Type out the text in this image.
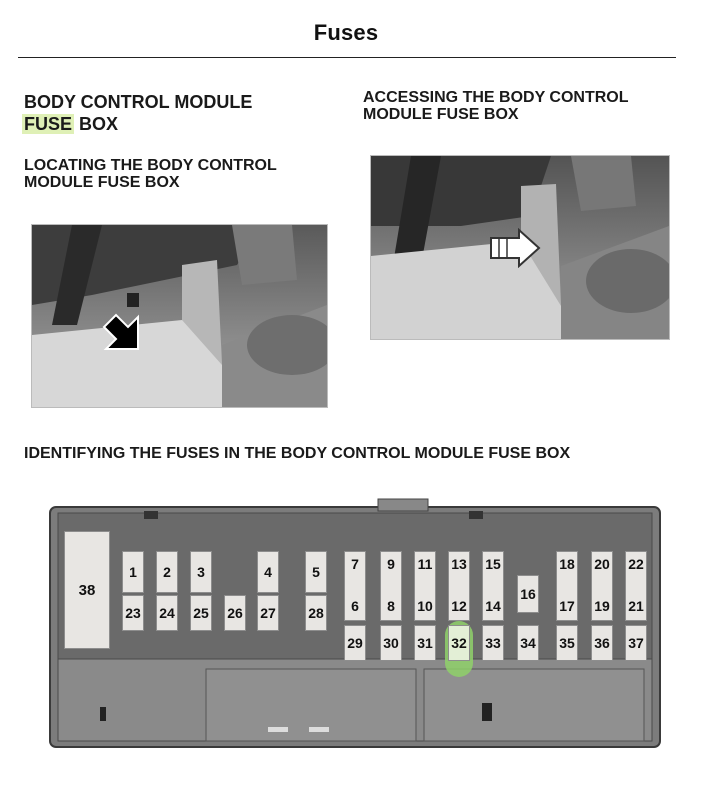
Fuses
BODY CONTROL MODULE
FUSE BOX
LOCATING THE BODY CONTROL MODULE FUSE BOX
ACCESSING THE BODY CONTROL MODULE FUSE BOX
IDENTIFYING THE FUSES IN THE BODY CONTROL MODULE FUSE BOX
38
1 2 3	4	5
23 24 25 26 27 28
7
6
9
8
11
10
13
12
15
14
16
18
17
20
19
22
21
29 30 31 32 33 34 35 36 37
